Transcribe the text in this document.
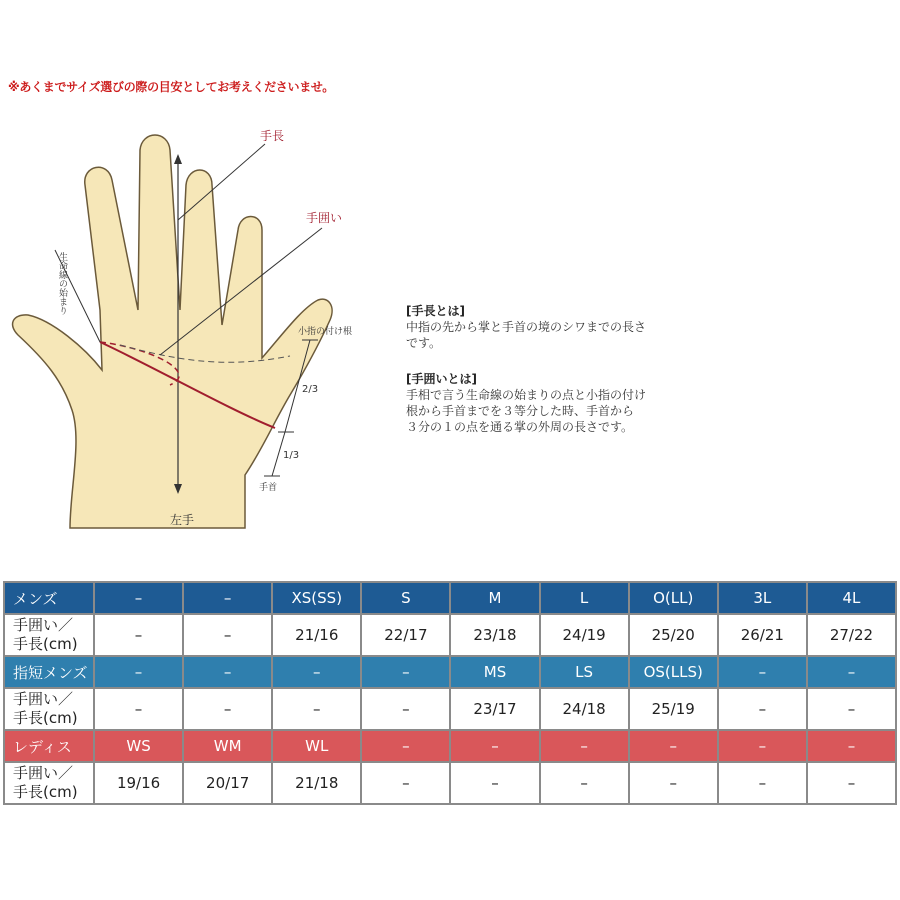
※あくまでサイズ選びの際の目安としてお考えくださいませ。
手長
手囲い
生命線の始まり
小指の付け根
2/3
1/3
手首
左手
[手長とは]
中指の先から掌と手首の境のシワまでの長さ
です。
[手囲いとは]
手相で言う生命線の始まりの点と小指の付け
根から手首までを３等分した時、手首から
３分の１の点を通る掌の外周の長さです。
メンズ	–	–	XS(SS)	S	M	L	O(LL)	3L	4L
手囲い／
手長(cm)	–	–	21/16	22/17	23/18	24/19	25/20	26/21	27/22
指短メンズ	–	–	–	–	MS	LS	OS(LLS)	–	–
手囲い／
手長(cm)	–	–	–	–	23/17	24/18	25/19	–	–
レディス	WS	WM	WL	–	–	–	–	–	–
手囲い／
手長(cm)	19/16	20/17	21/18	–	–	–	–	–	–
